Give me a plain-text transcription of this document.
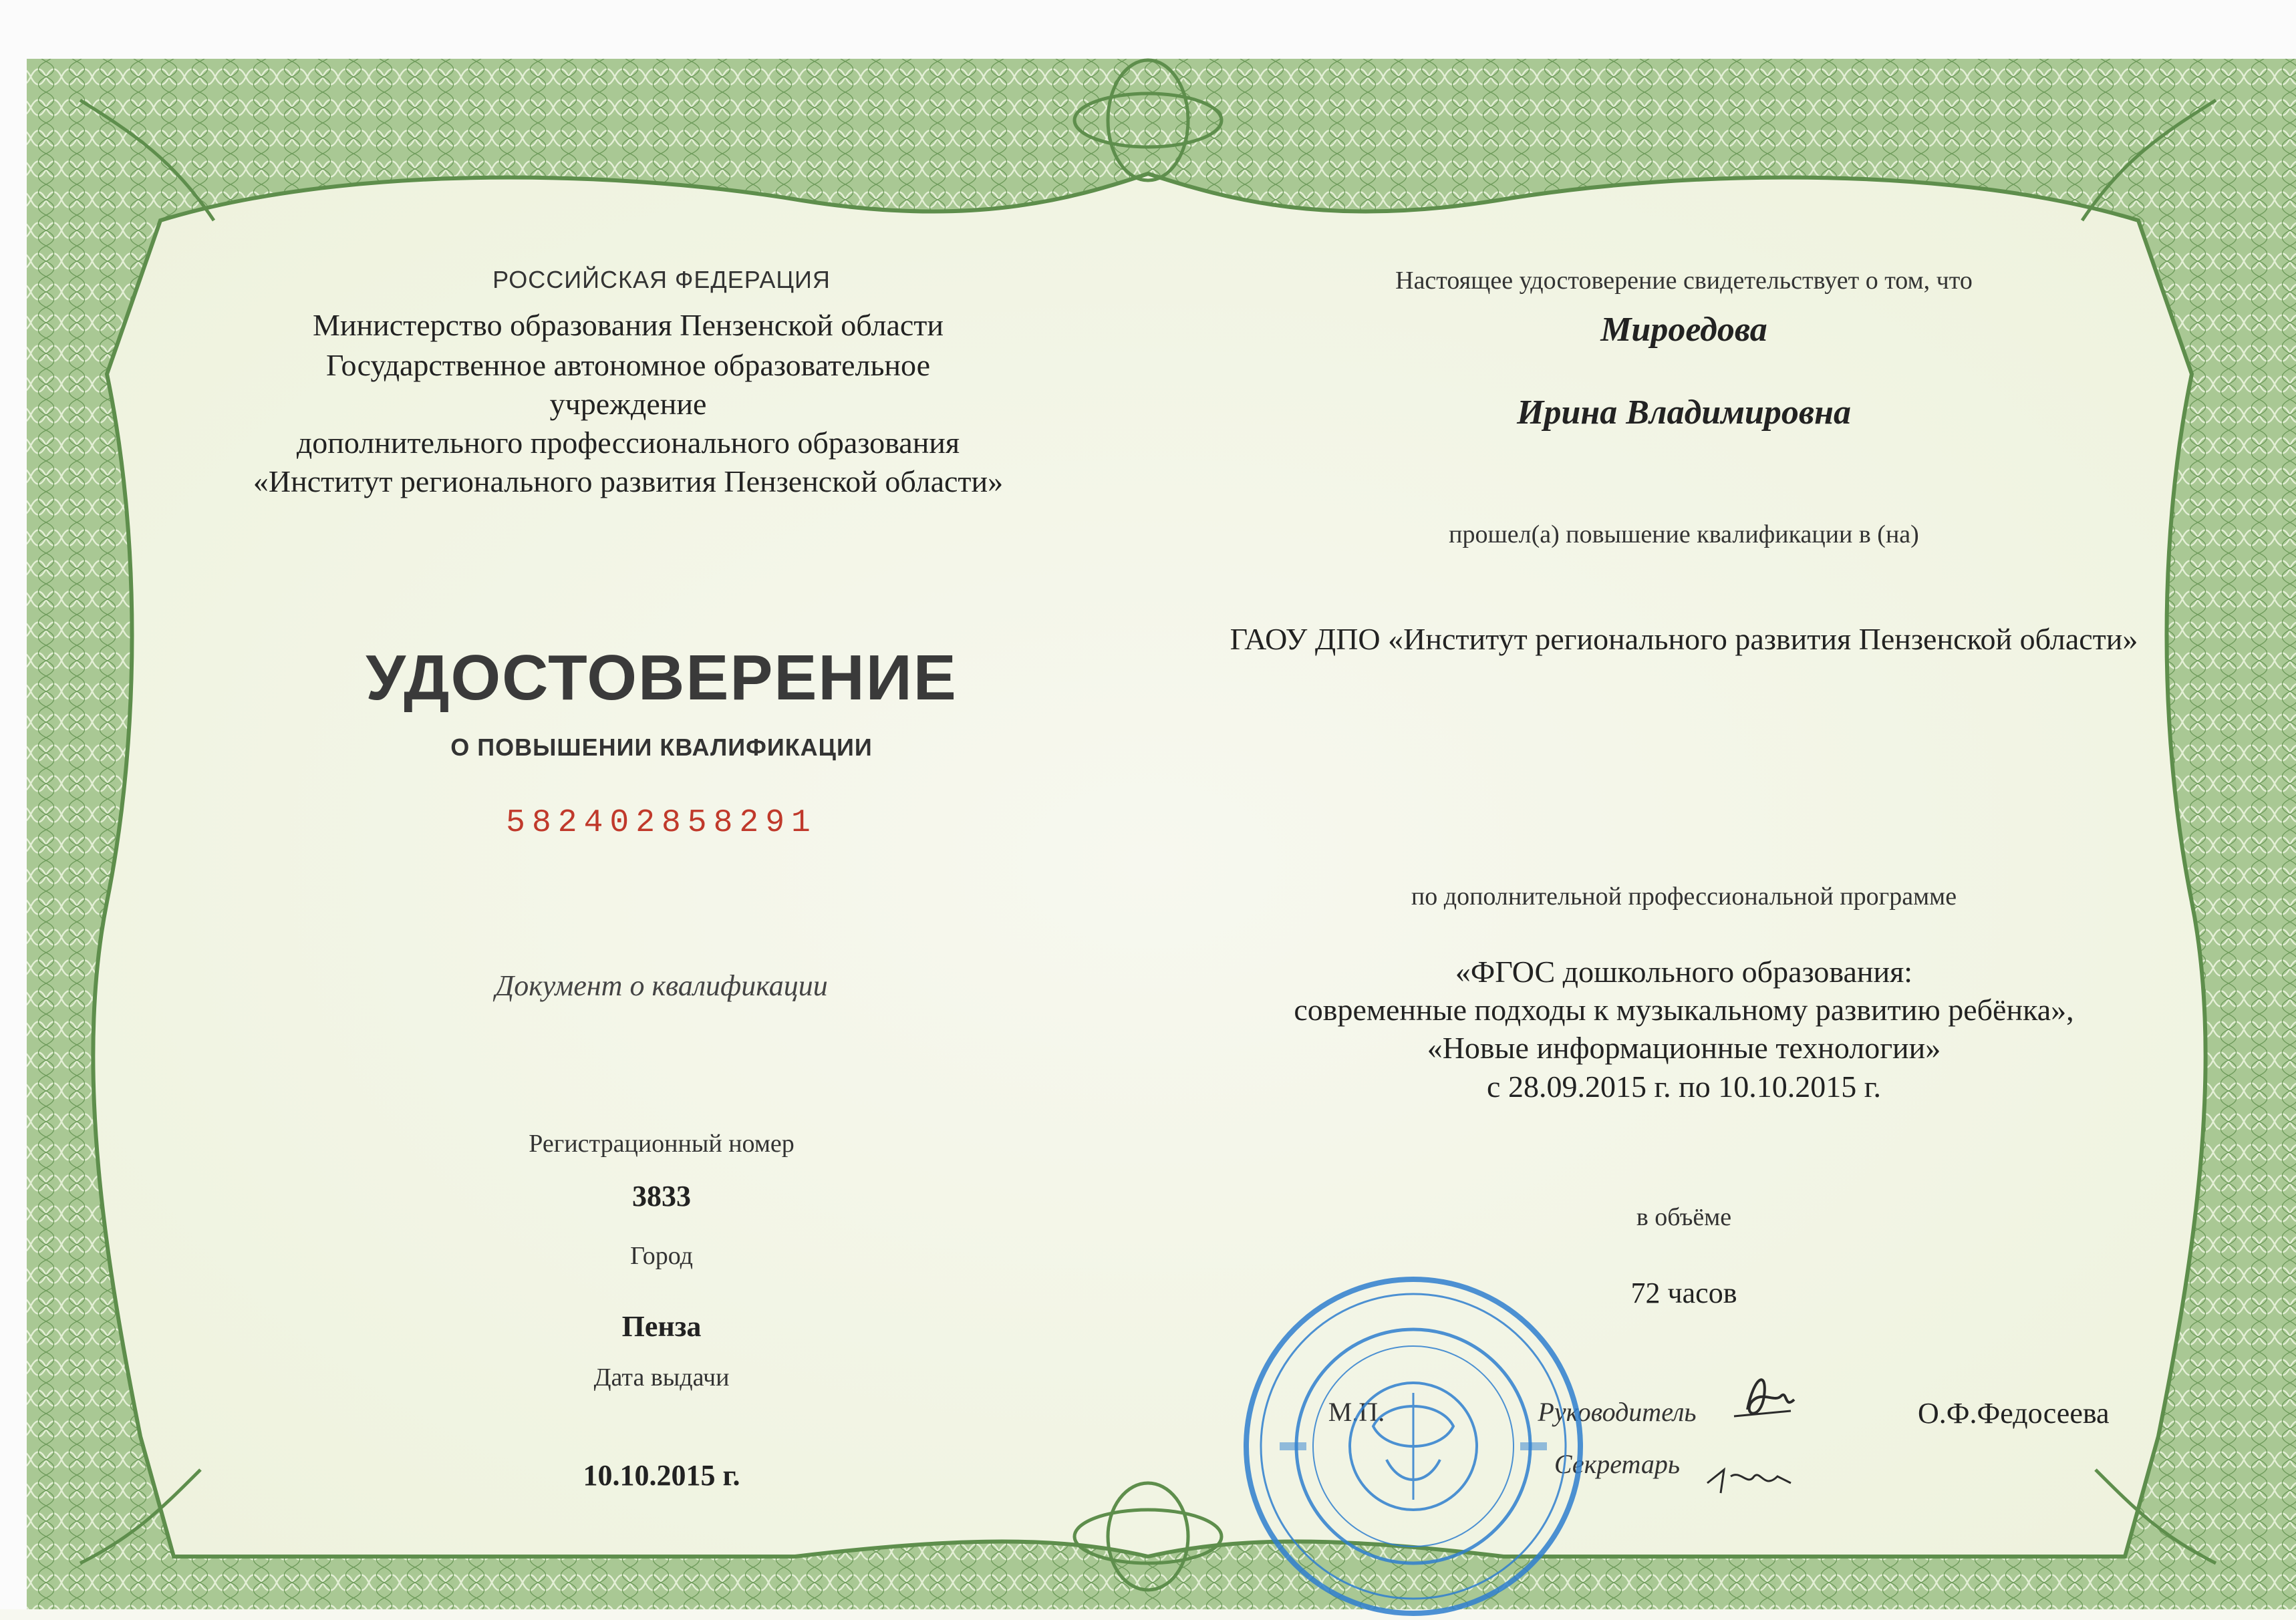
РОССИЙСКАЯ ФЕДЕРАЦИЯ
Министерство образования Пензенской области
Государственное автономное образовательное
учреждение
дополнительного профессионального образования
«Институт регионального развития Пензенской области»
УДОСТОВЕРЕНИЕ
О ПОВЫШЕНИИ КВАЛИФИКАЦИИ
582402858291
Документ о квалификации
Регистрационный номер
3833
Город
Пенза
Дата выдачи
10.10.2015 г.
Настоящее удостоверение свидетельствует о том, что
Мироедова
Ирина Владимировна
прошел(а) повышение квалификации в (на)
ГАОУ ДПО «Институт регионального развития Пензенской области»
по дополнительной профессиональной программе
«ФГОС дошкольного образования:
современные подходы к музыкальному развитию ребёнка»,
«Новые информационные технологии»
с 28.09.2015 г. по 10.10.2015 г.
в объёме
72 часов
М.П.	Руководитель	О.Ф.Федосеева
Секретарь
